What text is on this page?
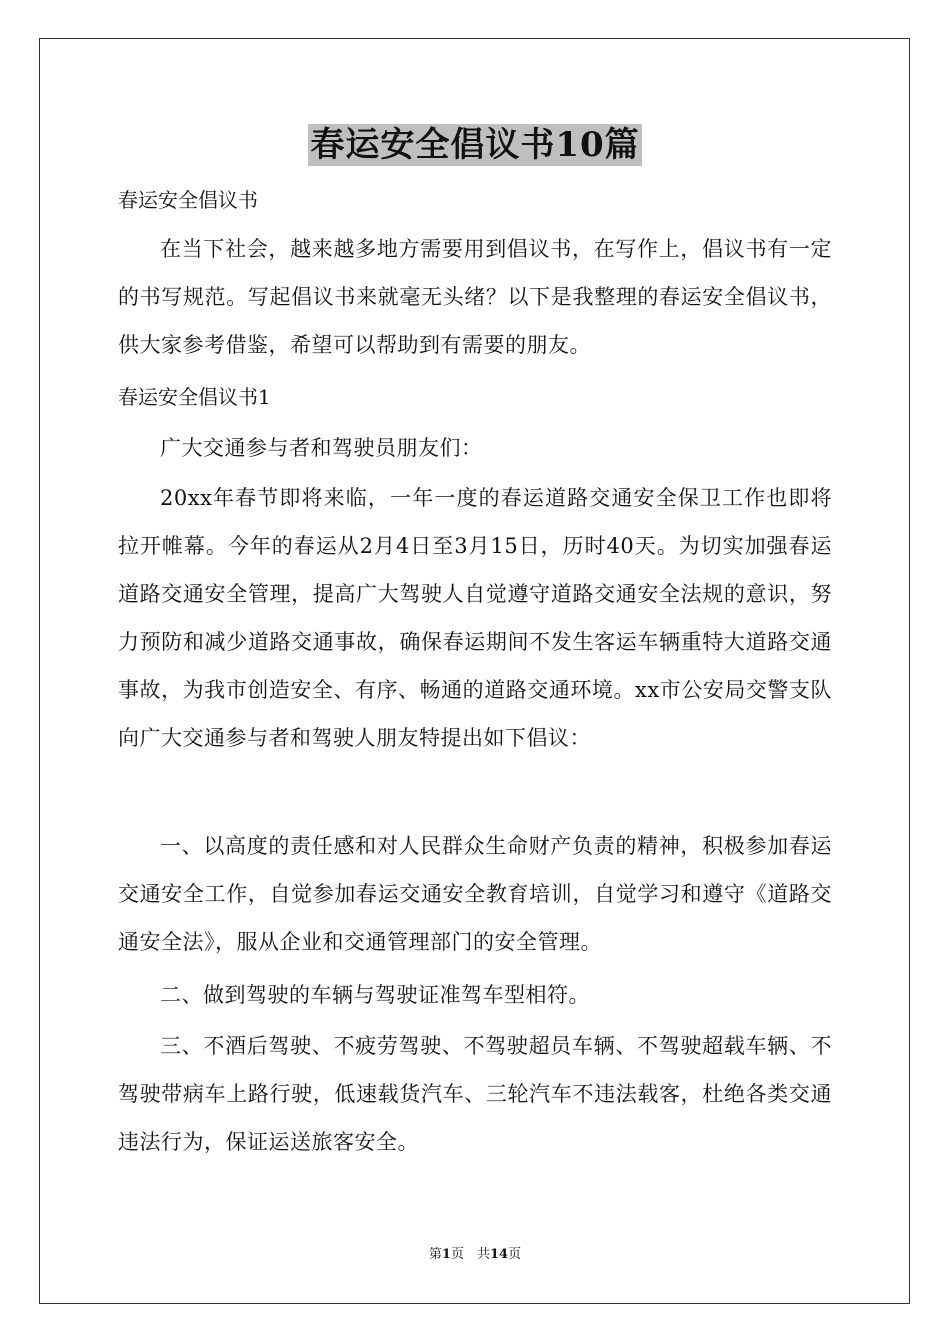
春运安全倡议书10篇
春运安全倡议书
在当下社会，越来越多地方需要用到倡议书，在写作上，倡议书有一定的书写规范。写起倡议书来就毫无头绪？以下是我整理的春运安全倡议书，供大家参考借鉴，希望可以帮助到有需要的朋友。
春运安全倡议书1
广大交通参与者和驾驶员朋友们：
20xx年春节即将来临，一年一度的春运道路交通安全保卫工作也即将拉开帷幕。今年的春运从2月4日至3月15日，历时40天。为切实加强春运道路交通安全管理，提高广大驾驶人自觉遵守道路交通安全法规的意识，努力预防和减少道路交通事故，确保春运期间不发生客运车辆重特大道路交通事故，为我市创造安全、有序、畅通的道路交通环境。xx市公安局交警支队向广大交通参与者和驾驶人朋友特提出如下倡议：
一、以高度的责任感和对人民群众生命财产负责的精神，积极参加春运交通安全工作，自觉参加春运交通安全教育培训，自觉学习和遵守《道路交通安全法》，服从企业和交通管理部门的安全管理。
二、做到驾驶的车辆与驾驶证准驾车型相符。
三、不酒后驾驶、不疲劳驾驶、不驾驶超员车辆、不驾驶超载车辆、不驾驶带病车上路行驶，低速载货汽车、三轮汽车不违法载客，杜绝各类交通违法行为，保证运送旅客安全。
第1页　共14页
